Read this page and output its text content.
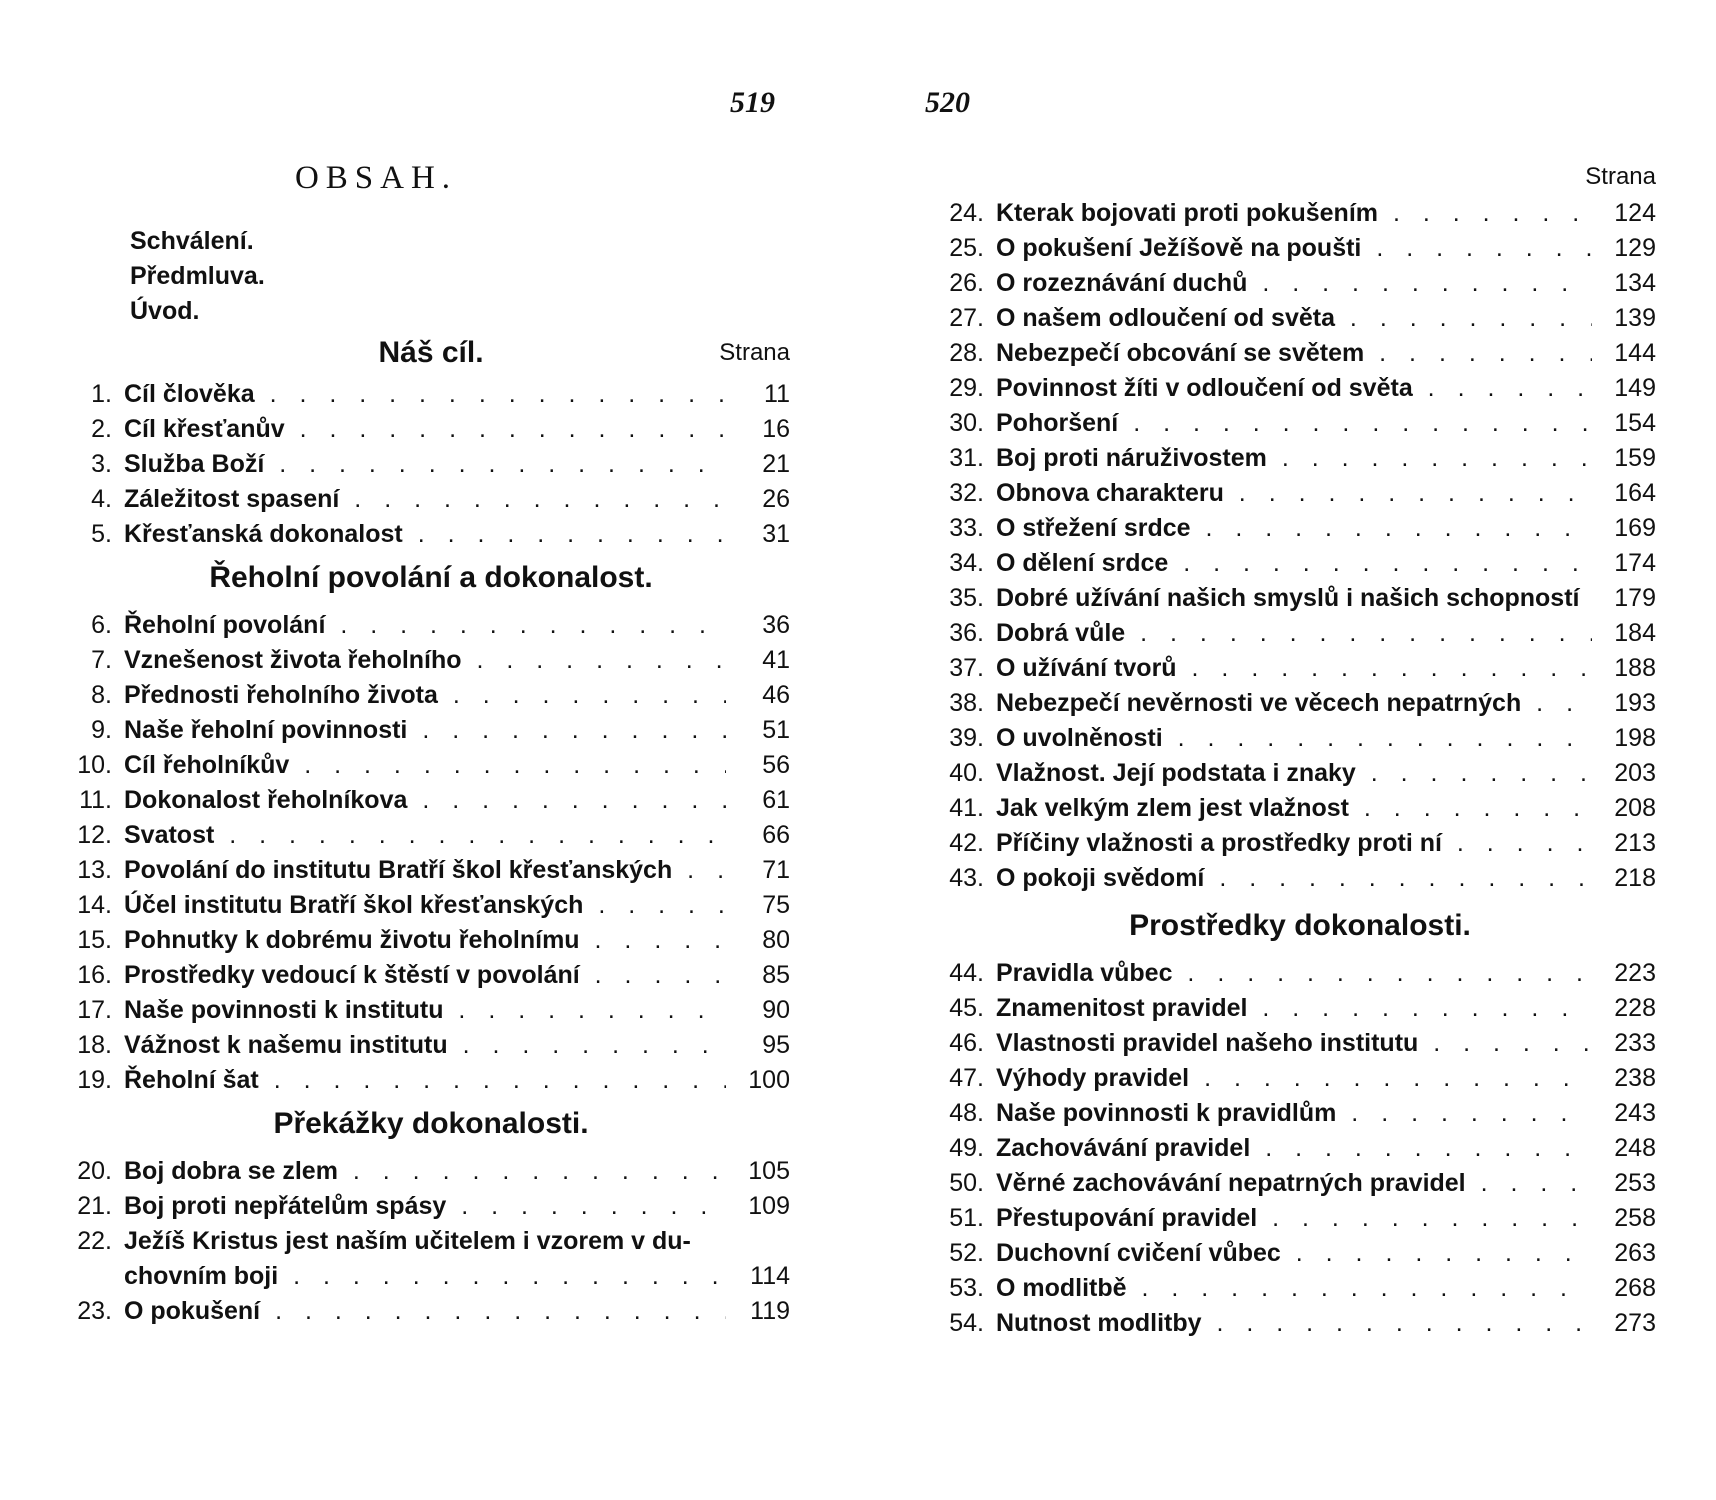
519	520
OBSAH.
Schválení.
Předmluva.
Úvod.
Náš cíl.	Strana
1. Cíl člověka . . .	11
2. Cíl křesťanův . . .	16
3. Služba Boží . . .	21
4. Záležitost spasení . . .	26
5. Křesťanská dokonalost . . .	31
Řeholní povolání a dokonalost.
6. Řeholní povolání . . .	36
7. Vznešenost života řeholního . . .	41
8. Přednosti řeholního života . . .	46
9. Naše řeholní povinnosti . . .	51
10. Cíl řeholníkův . . .	56
11. Dokonalost řeholníkova . . .	61
12. Svatost . . .	66
13. Povolání do institutu Bratří škol křesťanských . . .	71
14. Účel institutu Bratří škol křesťanských . . .	75
15. Pohnutky k dobrému životu řeholnímu . . .	80
16. Prostředky vedoucí k štěstí v povolání . . .	85
17. Naše povinnosti k institutu . . .	90
18. Vážnost k našemu institutu . . .	95
19. Řeholní šat . . .	100
Překážky dokonalosti.
20. Boj dobra se zlem . . .	105
21. Boj proti nepřátelům spásy . . .	109
22. Ježíš Kristus jest naším učitelem i vzorem v du-
chovním boji . . .	114
23. O pokušení . . .	119
Strana
24. Kterak bojovati proti pokušením . . .	124
25. O pokušení Ježíšově na poušti . . .	129
26. O rozeznávání duchů . . .	134
27. O našem odloučení od světa . . .	139
28. Nebezpečí obcování se světem . . .	144
29. Povinnost žíti v odloučení od světa . . .	149
30. Pohoršení . . .	154
31. Boj proti náruživostem . . .	159
32. Obnova charakteru . . .	164
33. O střežení srdce . . .	169
34. O dělení srdce . . .	174
35. Dobré užívání našich smyslů i našich schopností . . .	179
36. Dobrá vůle . . .	184
37. O užívání tvorů . . .	188
38. Nebezpečí nevěrnosti ve věcech nepatrných . . .	193
39. O uvolněnosti . . .	198
40. Vlažnost. Její podstata i znaky . . .	203
41. Jak velkým zlem jest vlažnost . . .	208
42. Příčiny vlažnosti a prostředky proti ní . . .	213
43. O pokoji svědomí . . .	218
Prostředky dokonalosti.
44. Pravidla vůbec . . .	223
45. Znamenitost pravidel . . .	228
46. Vlastnosti pravidel našeho institutu . . .	233
47. Výhody pravidel . . .	238
48. Naše povinnosti k pravidlům . . .	243
49. Zachovávání pravidel . . .	248
50. Věrné zachovávání nepatrných pravidel . . .	253
51. Přestupování pravidel . . .	258
52. Duchovní cvičení vůbec . . .	263
53. O modlitbě . . .	268
54. Nutnost modlitby . . .	273
